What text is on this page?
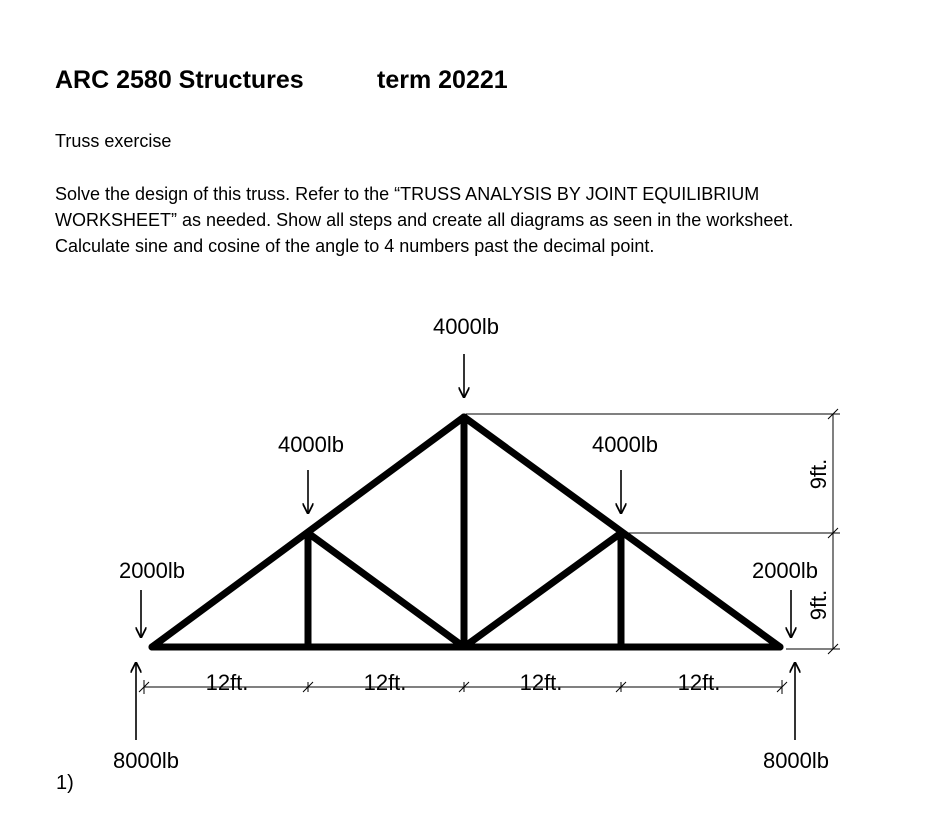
ARC 2580 Structures	term 20221
Truss exercise
Solve the design of this truss. Refer to the “TRUSS ANALYSIS BY JOINT EQUILIBRIUM
WORKSHEET” as needed. Show all steps and create all diagrams as seen in the worksheet.
Calculate sine and cosine of the angle to 4 numbers past the decimal point.
4000lb
4000lb	4000lb
2000lb	2000lb
8000lb	8000lb
12ft.	12ft.	12ft.	12ft.
9ft.
9ft.
1)
